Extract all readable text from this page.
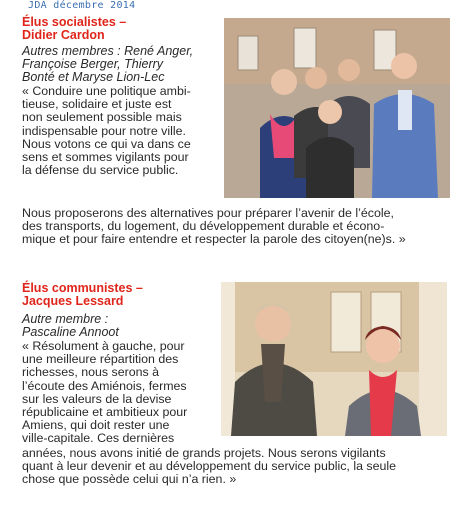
JDA décembre 2014
Élus socialistes –
Didier Cardon
Autres membres : René Anger,
Françoise Berger, Thierry
Bonté et Maryse Lion-Lec
« Conduire une politique ambi-
tieuse, solidaire et juste est
non seulement possible mais
indispensable pour notre ville.
Nous votons ce qui va dans ce
sens et sommes vigilants pour
la défense du service public.
Nous proposerons des alternatives pour préparer l’avenir de l’école,
des transports, du logement, du développement durable et écono-
mique et pour faire entendre et respecter la parole des citoyen(ne)s. »
Élus communistes –
Jacques Lessard
Autre membre :
Pascaline Annoot
« Résolument à gauche, pour
une meilleure répartition des
richesses, nous serons à
l’écoute des Amiénois, fermes
sur les valeurs de la devise
républicaine et ambitieux pour
Amiens, qui doit rester une
ville-capitale. Ces dernières
années, nous avons initié de grands projets. Nous serons vigilants
quant à leur devenir et au développement du service public, la seule
chose que possède celui qui n’a rien. »
